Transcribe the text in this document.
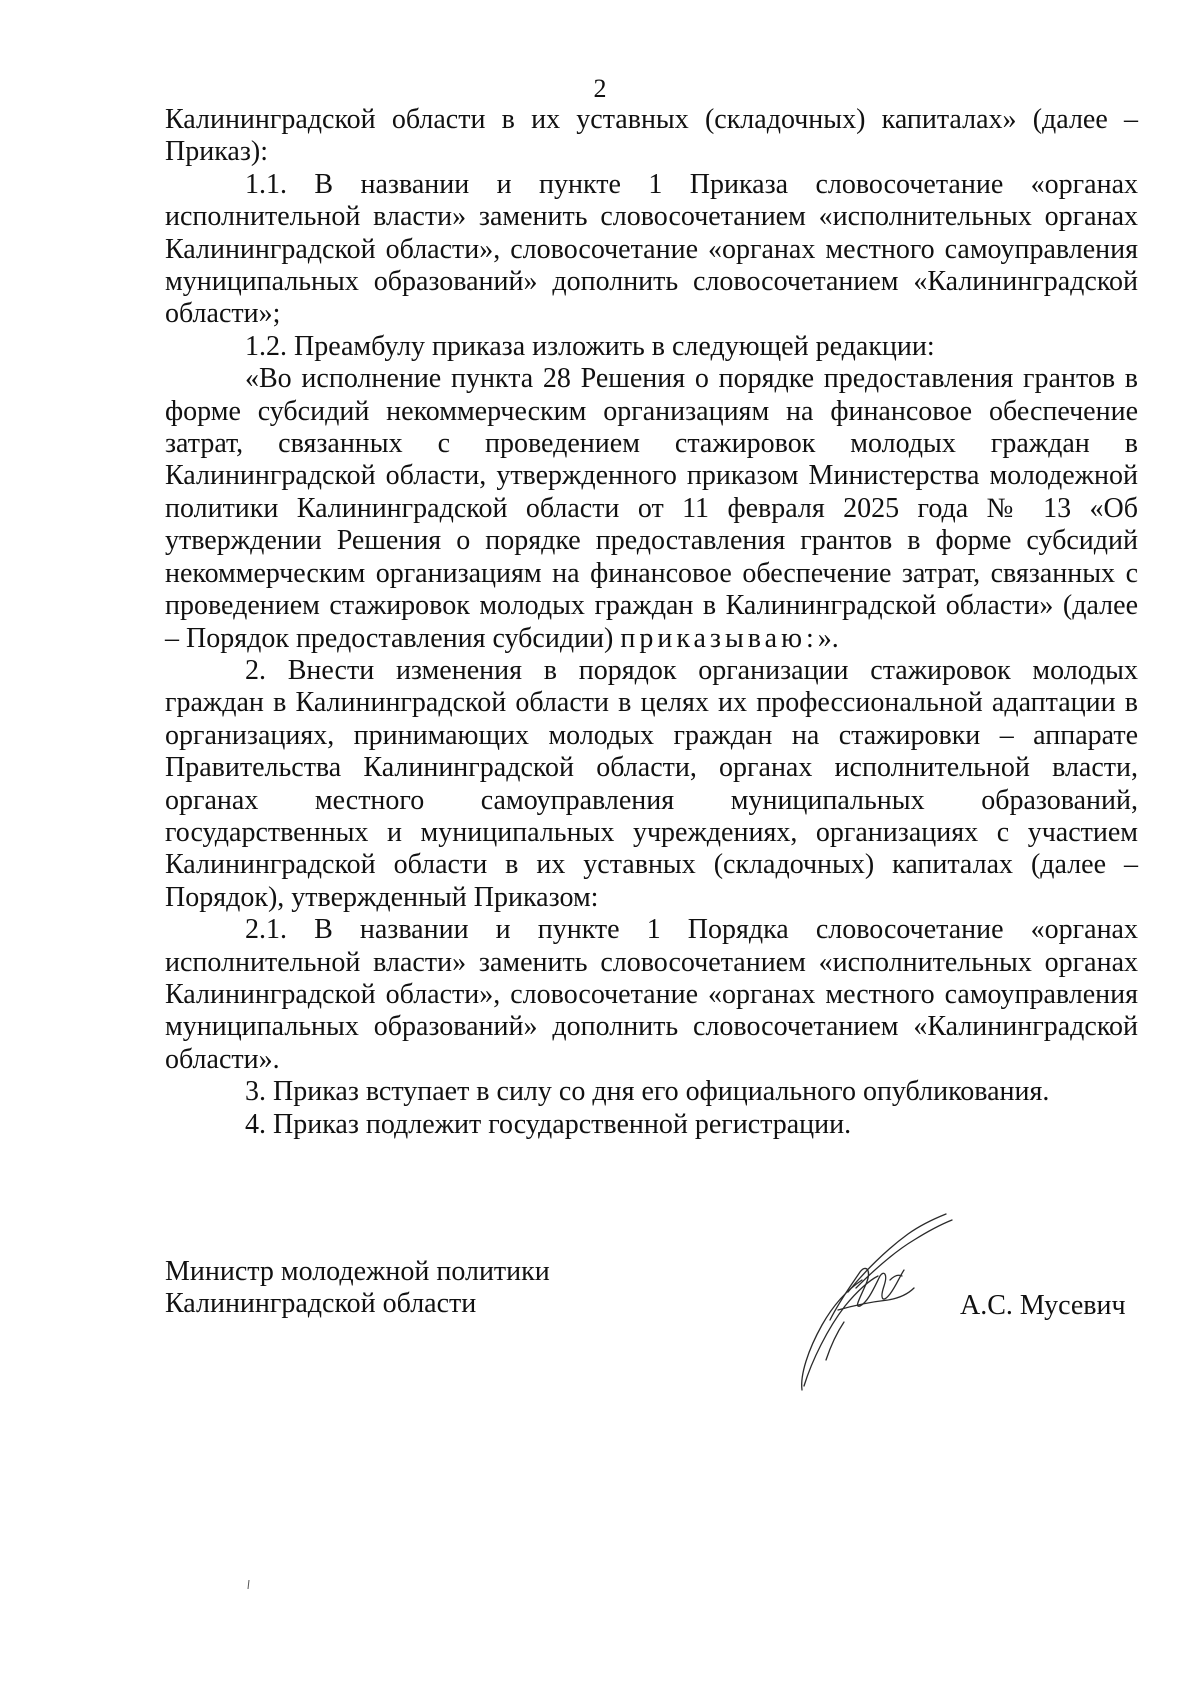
2

Калининградской области в их уставных (складочных) капиталах» (далее – Приказ):

1.1. В названии и пункте 1 Приказа словосочетание «органах исполнительной власти» заменить словосочетанием «исполнительных органах Калининградской области», словосочетание «органах местного самоуправления муниципальных образований» дополнить словосочетанием «Калининградской области»;

1.2. Преамбулу приказа изложить в следующей редакции:

«Во исполнение пункта 28 Решения о порядке предоставления грантов в форме субсидий некоммерческим организациям на финансовое обеспечение затрат, связанных с проведением стажировок молодых граждан в Калининградской области, утвержденного приказом Министерства молодежной политики Калининградской области от 11 февраля 2025 года № 13 «Об утверждении Решения о порядке предоставления грантов в форме субсидий некоммерческим организациям на финансовое обеспечение затрат, связанных с проведением стажировок молодых граждан в Калининградской области» (далее – Порядок предоставления субсидии) приказываю:».

2. Внести изменения в порядок организации стажировок молодых граждан в Калининградской области в целях их профессиональной адаптации в организациях, принимающих молодых граждан на стажировки – аппарате Правительства Калининградской области, органах исполнительной власти, органах местного самоуправления муниципальных образований, государственных и муниципальных учреждениях, организациях с участием Калининградской области в их уставных (складочных) капиталах (далее – Порядок), утвержденный Приказом:

2.1. В названии и пункте 1 Порядка словосочетание «органах исполнительной власти» заменить словосочетанием «исполнительных органах Калининградской области», словосочетание «органах местного самоуправления муниципальных образований» дополнить словосочетанием «Калининградской области».

3. Приказ вступает в силу со дня его официального опубликования.

4. Приказ подлежит государственной регистрации.

Министр молодежной политики
Калининградской области	А.С. Мусевич
